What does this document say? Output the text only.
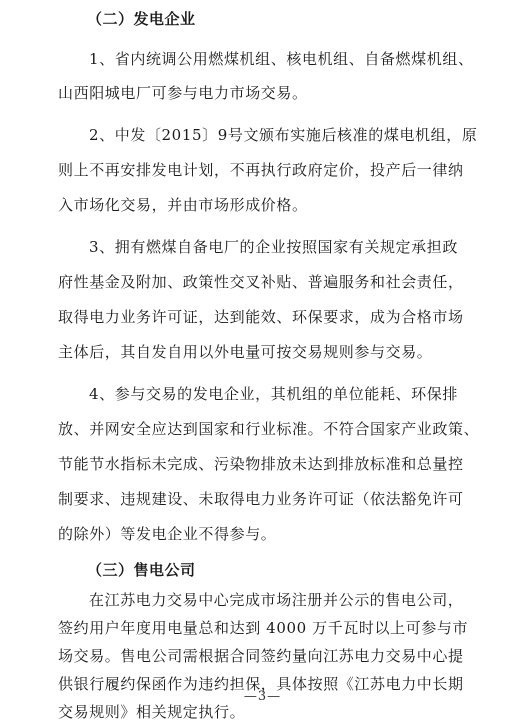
（二）发电企业
1、省内统调公用燃煤机组、核电机组、自备燃煤机组、
山西阳城电厂可参与电力市场交易。
2、中发〔2015〕9号文颁布实施后核准的煤电机组，原
则上不再安排发电计划，不再执行政府定价，投产后一律纳
入市场化交易，并由市场形成价格。
3、拥有燃煤自备电厂的企业按照国家有关规定承担政
府性基金及附加、政策性交叉补贴、普遍服务和社会责任，
取得电力业务许可证，达到能效、环保要求，成为合格市场
主体后，其自发自用以外电量可按交易规则参与交易。
4、参与交易的发电企业，其机组的单位能耗、环保排
放、并网安全应达到国家和行业标准。不符合国家产业政策、
节能节水指标未完成、污染物排放未达到排放标准和总量控
制要求、违规建设、未取得电力业务许可证（依法豁免许可
的除外）等发电企业不得参与。
（三）售电公司
—3—
在江苏电力交易中心完成市场注册并公示的售电公司，
签约用户年度用电量总和达到 4000 万千瓦时以上可参与市
场交易。售电公司需根据合同签约量向江苏电力交易中心提
供银行履约保函作为违约担保，具体按照《江苏电力中长期
交易规则》相关规定执行。
